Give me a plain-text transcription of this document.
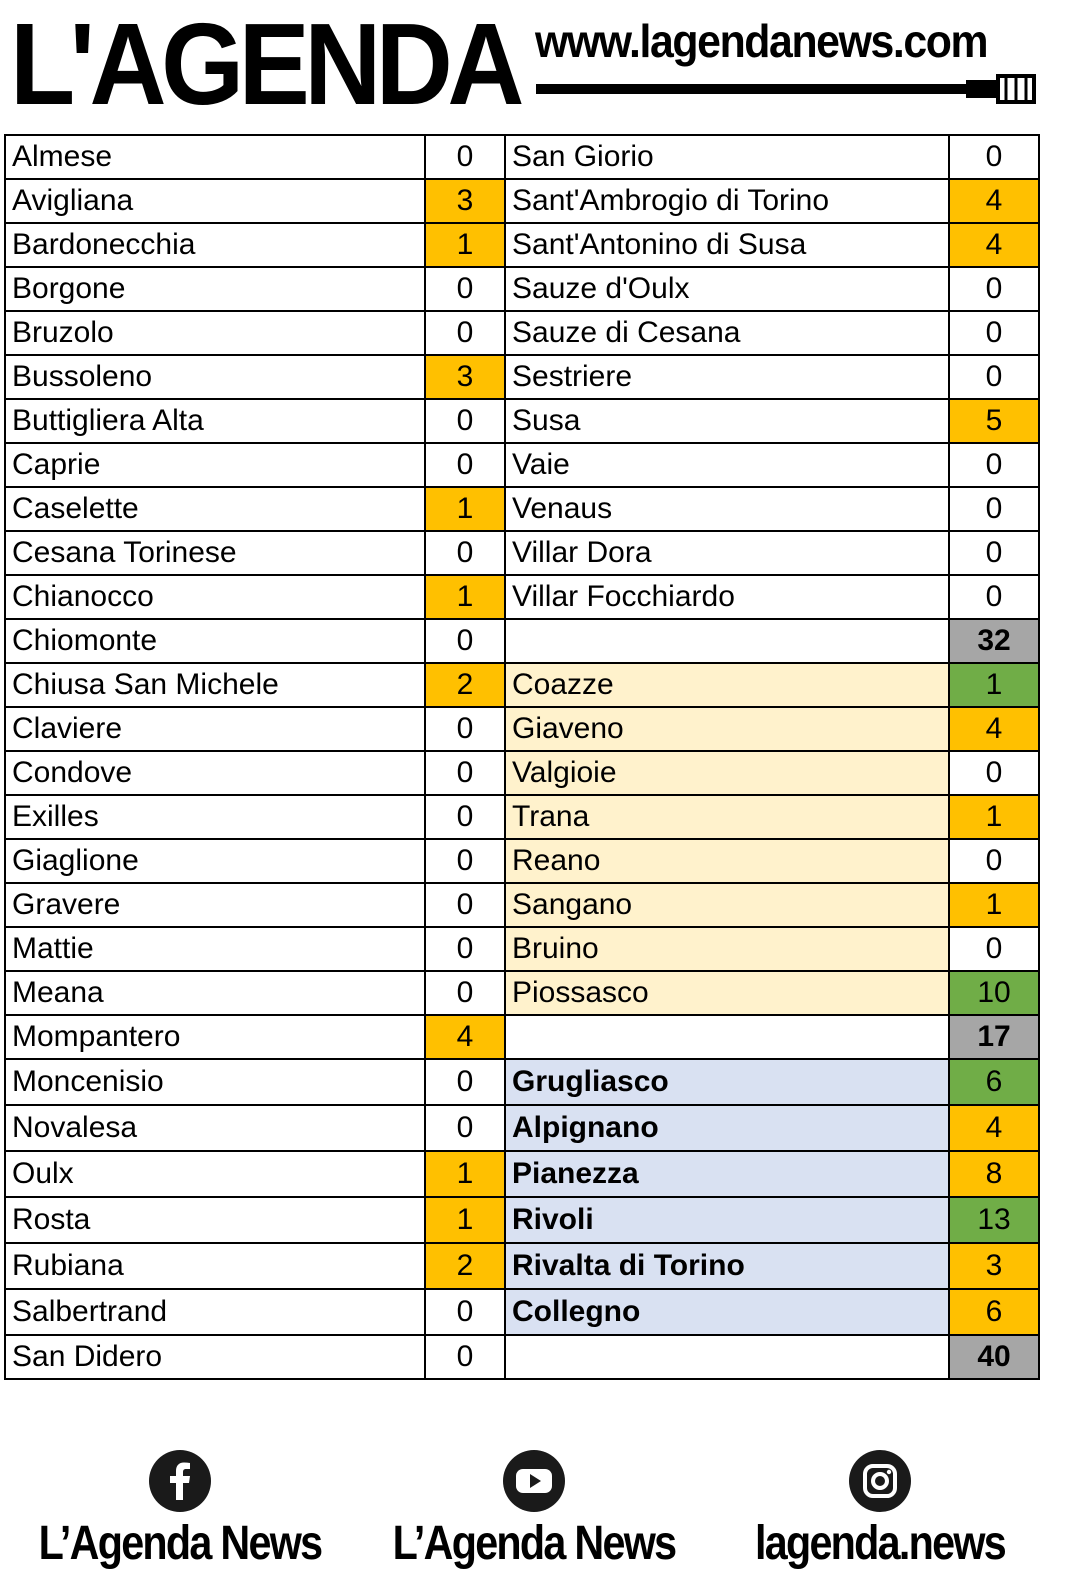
L'AGENDA www.lagendanews.com
Almese	0	San Giorio	0
Avigliana	3	Sant'Ambrogio di Torino	4
Bardonecchia	1	Sant'Antonino di Susa	4
Borgone	0	Sauze d'Oulx	0
Bruzolo	0	Sauze di Cesana	0
Bussoleno	3	Sestriere	0
Buttigliera Alta	0	Susa	5
Caprie	0	Vaie	0
Caselette	1	Venaus	0
Cesana Torinese	0	Villar Dora	0
Chianocco	1	Villar Focchiardo	0
Chiomonte	0		32
Chiusa San Michele	2	Coazze	1
Claviere	0	Giaveno	4
Condove	0	Valgioie	0
Exilles	0	Trana	1
Giaglione	0	Reano	0
Gravere	0	Sangano	1
Mattie	0	Bruino	0
Meana	0	Piossasco	10
Mompantero	4		17
Moncenisio	0	Grugliasco	6
Novalesa	0	Alpignano	4
Oulx	1	Pianezza	8
Rosta	1	Rivoli	13
Rubiana	2	Rivalta di Torino	3
Salbertrand	0	Collegno	6
San Didero	0		40
L’Agenda News L’Agenda News	lagenda.news
